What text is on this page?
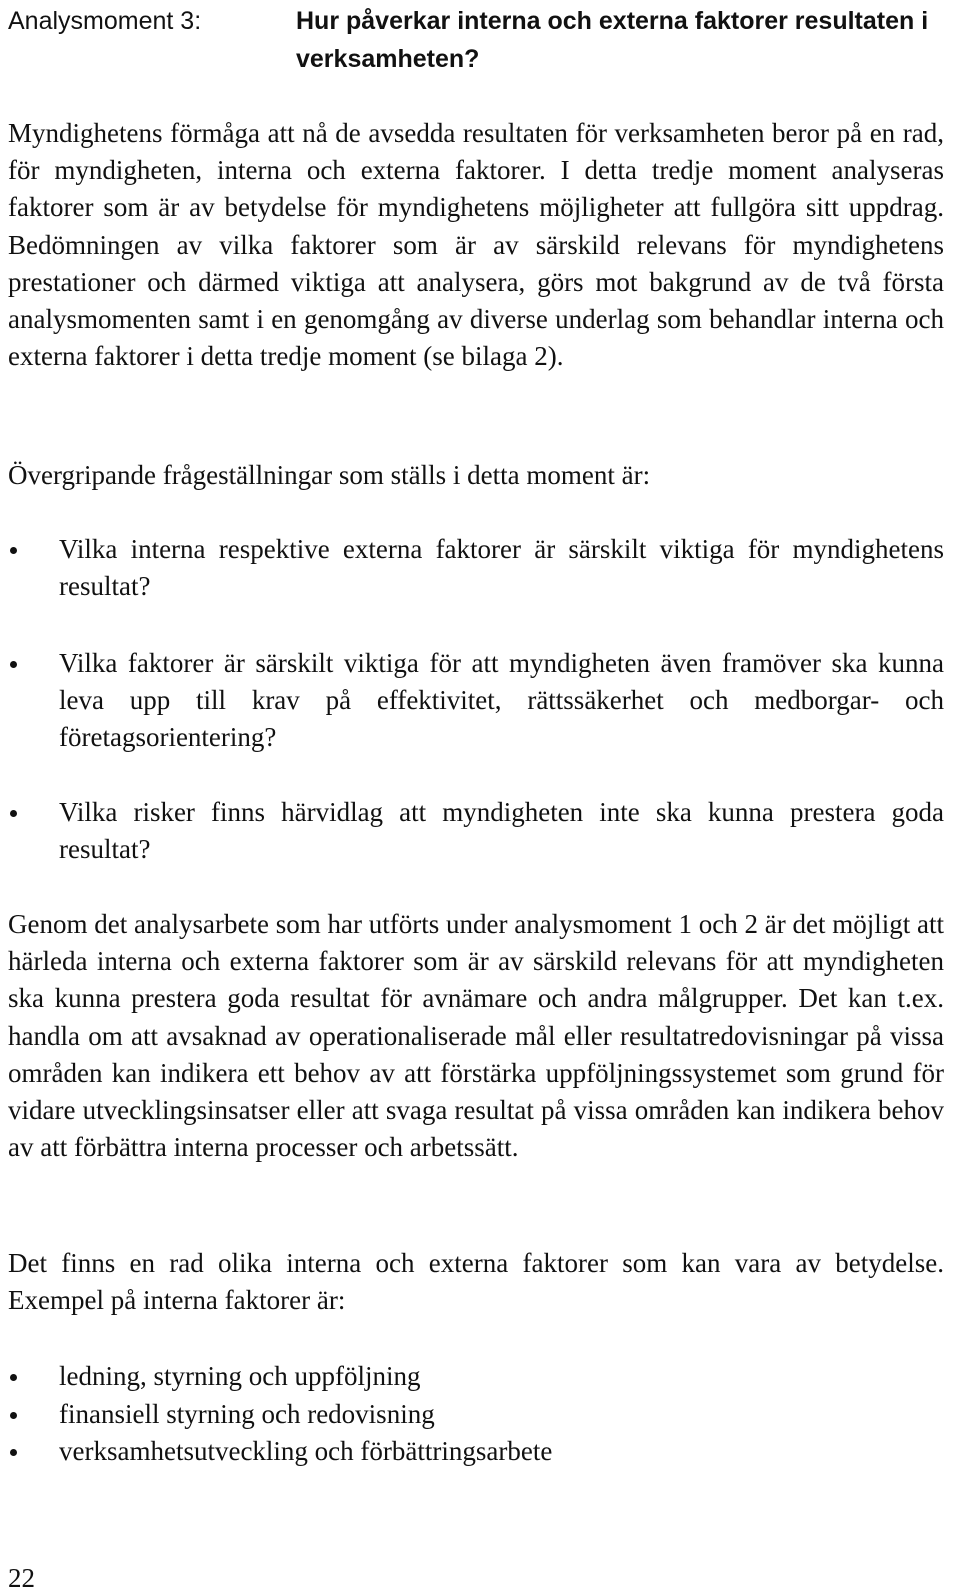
Analysmoment 3:	Hur påverkar interna och externa faktorer resultaten i verksamheten?

Myndighetens förmåga att nå de avsedda resultaten för verksamheten beror på en rad, för myndigheten, interna och externa faktorer. I detta tredje moment analyseras faktorer som är av betydelse för myndighetens möjligheter att fullgöra sitt uppdrag. Bedömningen av vilka faktorer som är av särskild relevans för myndighetens prestationer och därmed viktiga att analysera, görs mot bakgrund av de två första analysmomenten samt i en genomgång av diverse underlag som behandlar interna och externa faktorer i detta tredje moment (se bilaga 2).

Övergripande frågeställningar som ställs i detta moment är:

Vilka interna respektive externa faktorer är särskilt viktiga för myndighetens resultat?

Vilka faktorer är särskilt viktiga för att myndigheten även framöver ska kunna leva upp till krav på effektivitet, rättssäkerhet och medborgar- och företagsorientering?

Vilka risker finns härvidlag att myndigheten inte ska kunna prestera goda resultat?

Genom det analysarbete som har utförts under analysmoment 1 och 2 är det möjligt att härleda interna och externa faktorer som är av särskild relevans för att myndigheten ska kunna prestera goda resultat för avnämare och andra målgrupper. Det kan t.ex. handla om att avsaknad av operationaliserade mål eller resultatredovisningar på vissa områden kan indikera ett behov av att förstärka uppföljningssystemet som grund för vidare utvecklingsinsatser eller att svaga resultat på vissa områden kan indikera behov av att förbättra interna processer och arbetssätt.

Det finns en rad olika interna och externa faktorer som kan vara av betydelse. Exempel på interna faktorer är:

ledning, styrning och uppföljning

finansiell styrning och redovisning

verksamhetsutveckling och förbättringsarbete

22
